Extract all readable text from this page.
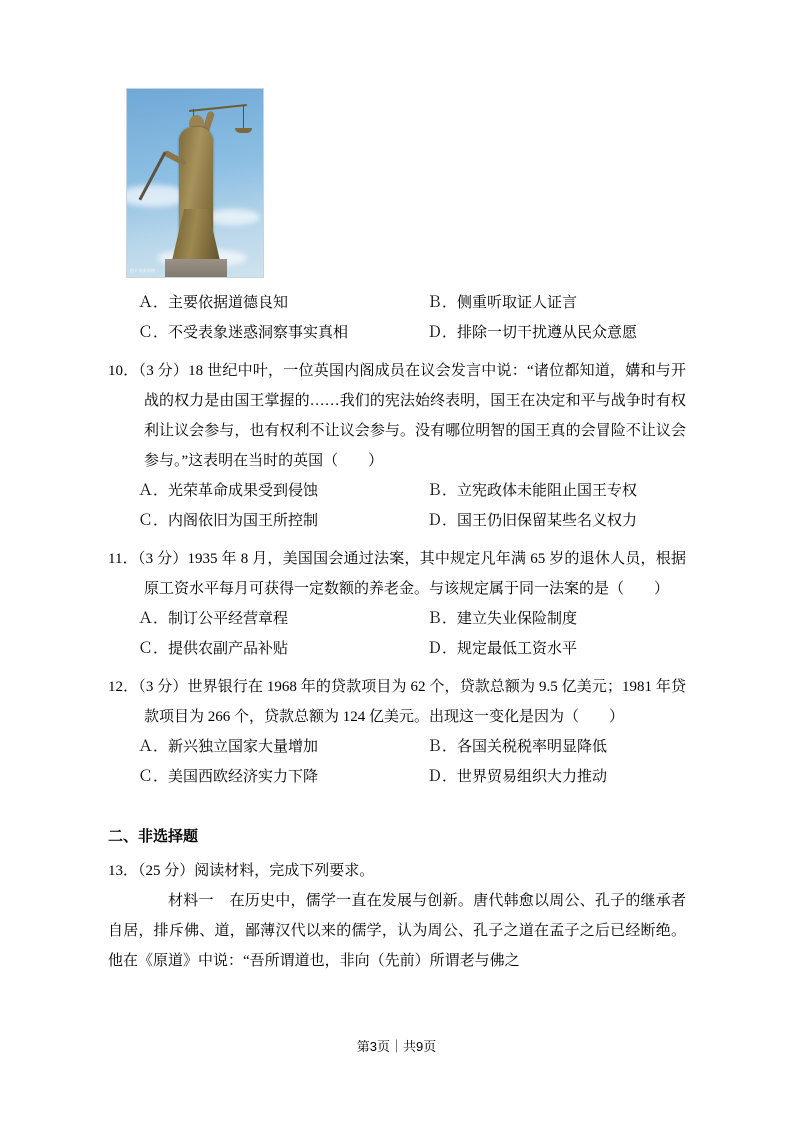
图片来源网络
Ａ．主要依据道德良知	Ｂ．侧重听取证人证言
Ｃ．不受表象迷惑洞察事实真相	Ｄ．排除一切干扰遵从民众意愿
10．（3 分）18 世纪中叶，一位英国内阁成员在议会发言中说：“诸位都知道，媾和与开战的权力是由国王掌握的……我们的宪法始终表明，国王在决定和平与战争时有权利让议会参与，也有权利不让议会参与。没有哪位明智的国王真的会冒险不让议会参与。”这表明在当时的英国（　　）
Ａ．光荣革命成果受到侵蚀	Ｂ．立宪政体未能阻止国王专权
Ｃ．内阁依旧为国王所控制	Ｄ．国王仍旧保留某些名义权力
11．（3 分）1935 年 8 月，美国国会通过法案，其中规定凡年满 65 岁的退休人员，根据原工资水平每月可获得一定数额的养老金。与该规定属于同一法案的是（　　）
Ａ．制订公平经营章程	Ｂ．建立失业保险制度
Ｃ．提供农副产品补贴	Ｄ．规定最低工资水平
12．（3 分）世界银行在 1968 年的贷款项目为 62 个，贷款总额为 9.5 亿美元；1981 年贷款项目为 266 个，贷款总额为 124 亿美元。出现这一变化是因为（　　）
Ａ．新兴独立国家大量增加	Ｂ．各国关税税率明显降低
Ｃ．美国西欧经济实力下降	Ｄ．世界贸易组织大力推动
二、非选择题
13．（25 分）阅读材料，完成下列要求。
材料一 在历史中，儒学一直在发展与创新。唐代韩愈以周公、孔子的继承者自居，排斥佛、道，鄙薄汉代以来的儒学，认为周公、孔子之道在孟子之后已经断绝。他在《原道》中说：“吾所谓道也，非向（先前）所谓老与佛之
第3页｜共9页
